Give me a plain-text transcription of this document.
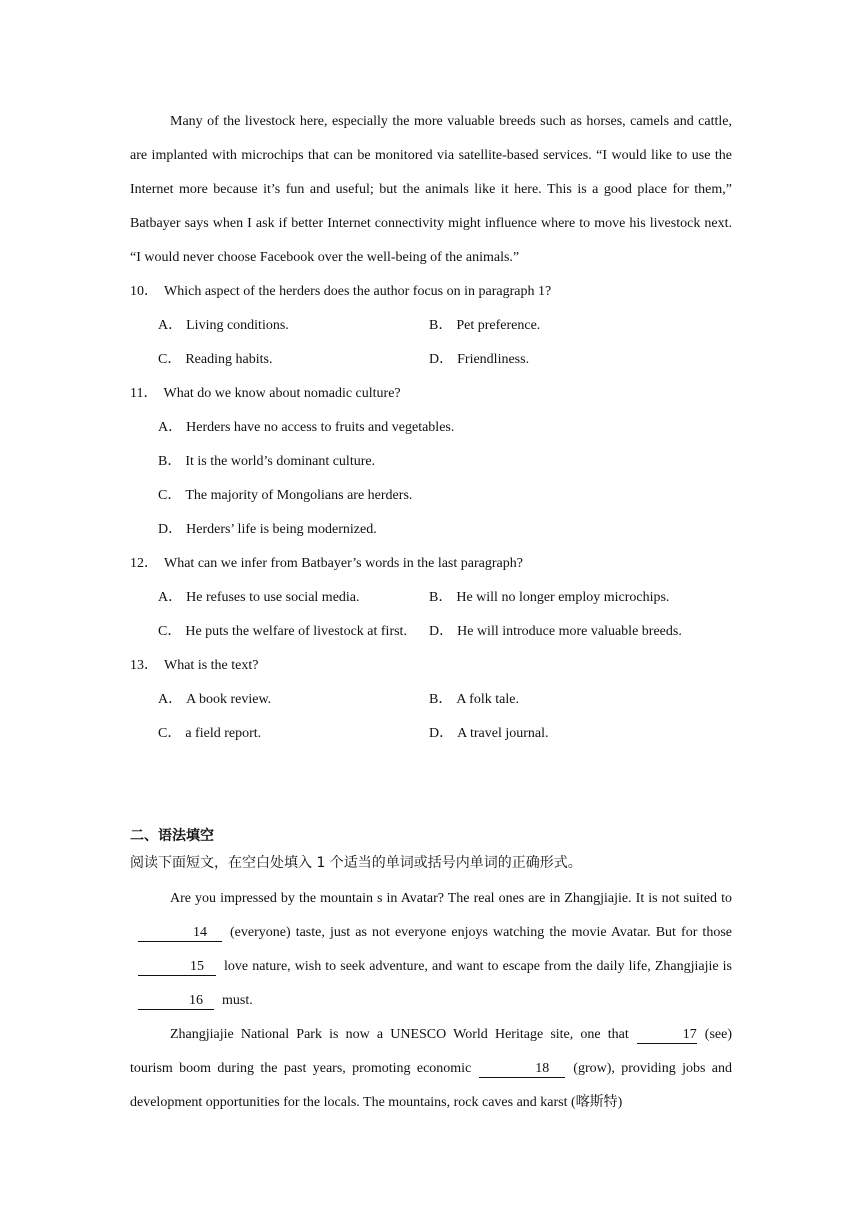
Many of the livestock here, especially the more valuable breeds such as horses, camels and cattle, are implanted with microchips that can be monitored via satellite-based services. “I would like to use the Internet more because it’s fun and useful; but the animals like it here. This is a good place for them,” Batbayer says when I ask if better Internet connectivity might influence where to move his livestock next. “I would never choose Facebook over the well-being of the animals.”

10． Which aspect of the herders does the author focus on in paragraph 1?

A． Living conditions.	B． Pet preference.
C． Reading habits.	D． Friendliness.

11． What do we know about nomadic culture?

A． Herders have no access to fruits and vegetables.
B． It is the world’s dominant culture.
C． The majority of Mongolians are herders.
D． Herders’ life is being modernized.

12． What can we infer from Batbayer’s words in the last paragraph?

A． He refuses to use social media.	B． He will no longer employ microchips.
C． He puts the welfare of livestock at first. D． He will introduce more valuable breeds.

13． What is the text?

A． A book review.	B． A folk tale.
C． a field report.	D． A travel journal.
二、语法填空
阅读下面短文，在空白处填入 1 个适当的单词或括号内单词的正确形式。

Are you impressed by the mountain s in Avatar? The real ones are in Zhangjiajie. It is not suited to14 (everyone) taste, just as not everyone enjoys watching the movie Avatar. But for those15 love nature, wish to seek adventure, and want to escape from the daily life, Zhangjiajie is16 must.

Zhangjiajie National Park is now a UNESCO World Heritage site, one that	17 (see) tourism boom during the past years, promoting economic	18 (grow), providing jobs and development opportunities for the locals. The mountains, rock caves and karst (喀斯特)
